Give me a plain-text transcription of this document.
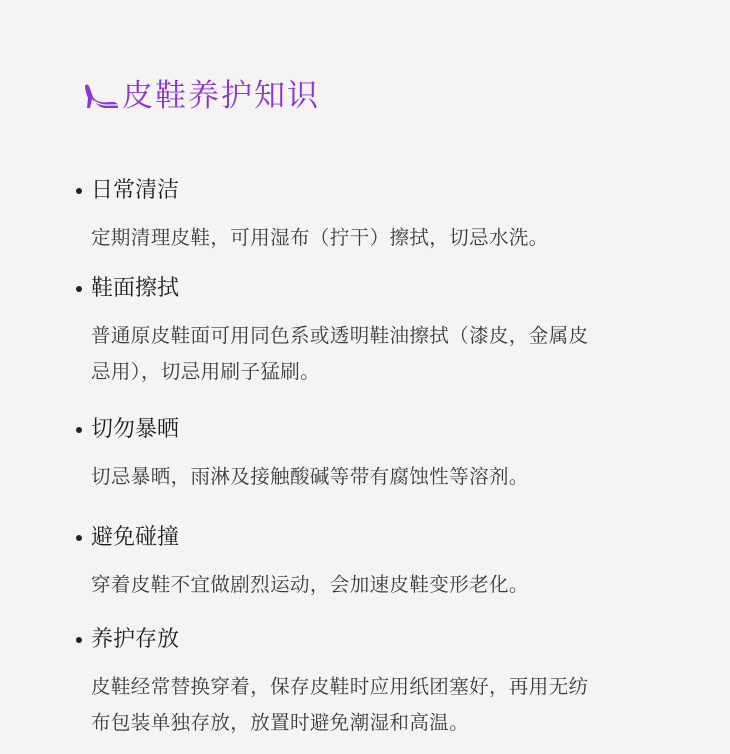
皮鞋养护知识
日常清洁
定期清理皮鞋，可用湿布（拧干）擦拭，切忌水洗。
鞋面擦拭
普通原皮鞋面可用同色系或透明鞋油擦拭（漆皮，金属皮
忌用），切忌用刷子猛刷。
切勿暴晒
切忌暴晒，雨淋及接触酸碱等带有腐蚀性等溶剂。
避免碰撞
穿着皮鞋不宜做剧烈运动，会加速皮鞋变形老化。
养护存放
皮鞋经常替换穿着，保存皮鞋时应用纸团塞好，再用无纺
布包装单独存放，放置时避免潮湿和高温。
